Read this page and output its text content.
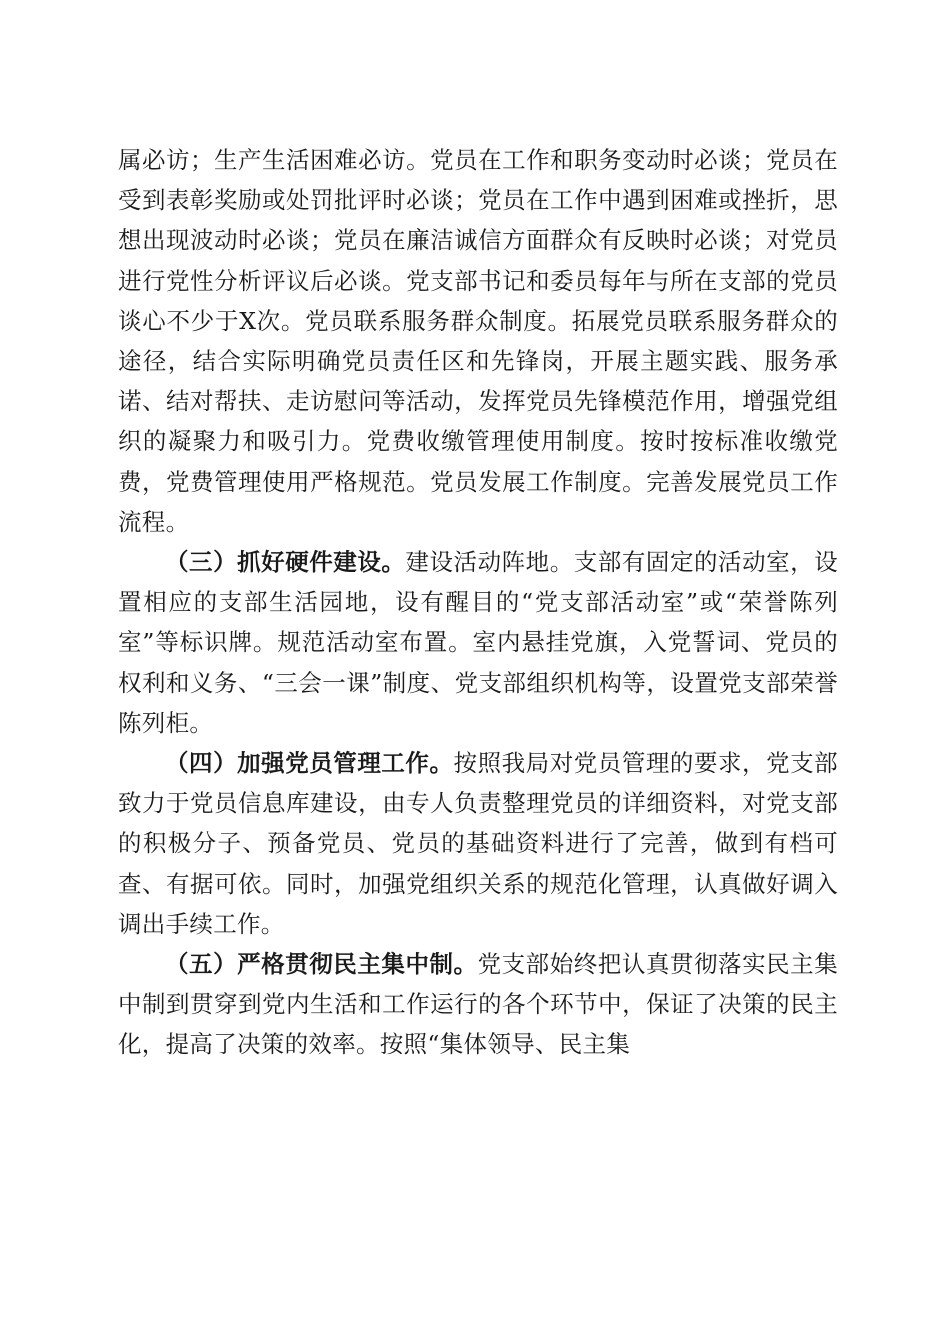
属必访；生产生活困难必访。党员在工作和职务变动时必谈；党员在受到表彰奖励或处罚批评时必谈；党员在工作中遇到困难或挫折，思想出现波动时必谈；党员在廉洁诚信方面群众有反映时必谈；对党员进行党性分析评议后必谈。党支部书记和委员每年与所在支部的党员谈心不少于X次。党员联系服务群众制度。拓展党员联系服务群众的途径，结合实际明确党员责任区和先锋岗，开展主题实践、服务承诺、结对帮扶、走访慰问等活动，发挥党员先锋模范作用，增强党组织的凝聚力和吸引力。党费收缴管理使用制度。按时按标准收缴党费，党费管理使用严格规范。党员发展工作制度。完善发展党员工作流程。

（三）抓好硬件建设。建设活动阵地。支部有固定的活动室，设置相应的支部生活园地，设有醒目的“党支部活动室”或“荣誉陈列室”等标识牌。规范活动室布置。室内悬挂党旗，入党誓词、党员的权利和义务、“三会一课”制度、党支部组织机构等，设置党支部荣誉陈列柜。

（四）加强党员管理工作。按照我局对党员管理的要求，党支部致力于党员信息库建设，由专人负责整理党员的详细资料，对党支部的积极分子、预备党员、党员的基础资料进行了完善，做到有档可查、有据可依。同时，加强党组织关系的规范化管理，认真做好调入调出手续工作。

（五）严格贯彻民主集中制。党支部始终把认真贯彻落实民主集中制到贯穿到党内生活和工作运行的各个环节中，保证了决策的民主化，提高了决策的效率。按照“集体领导、民主集
